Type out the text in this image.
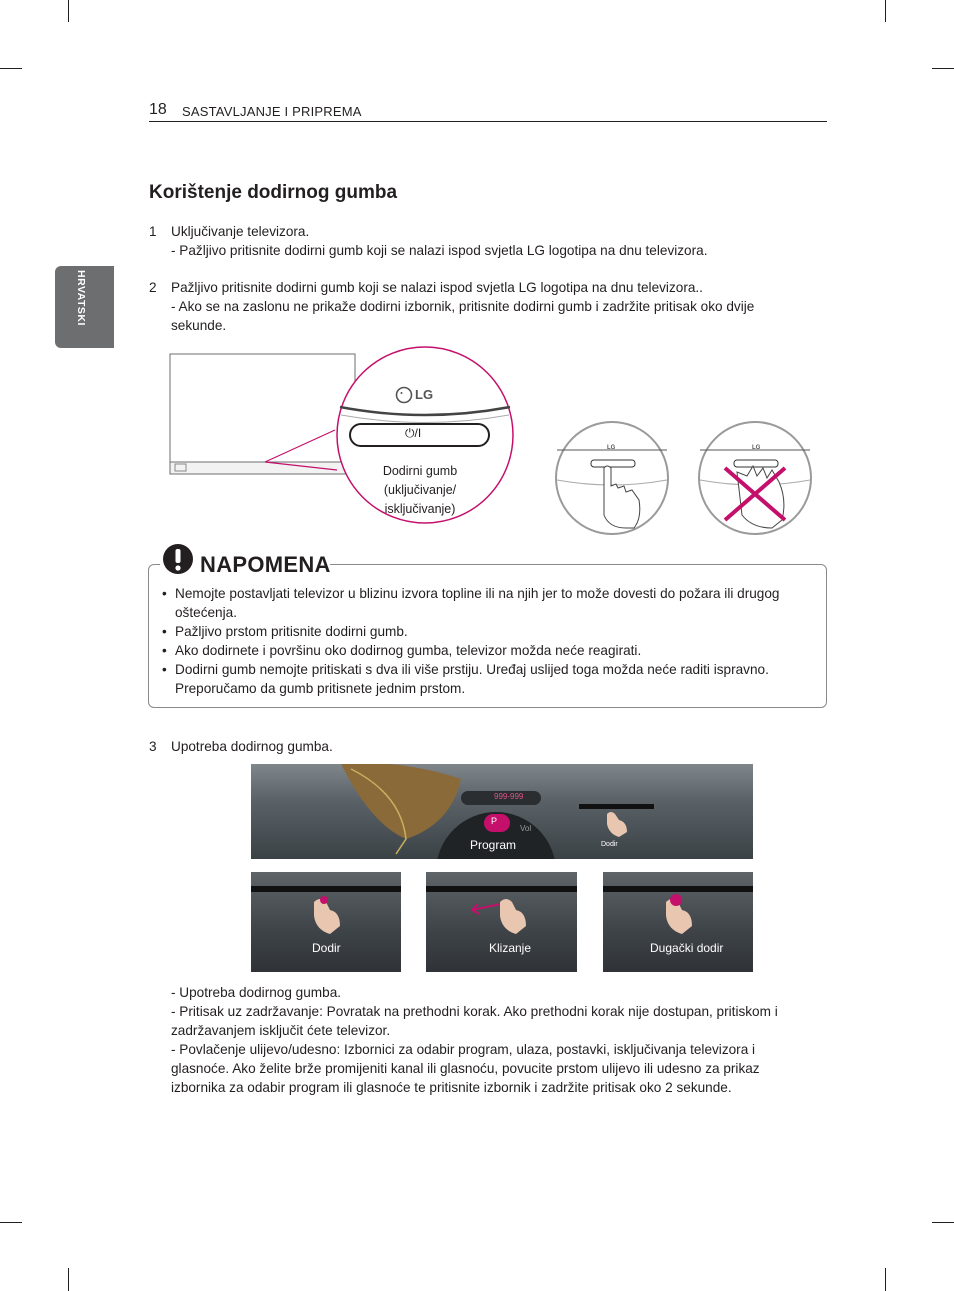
18 SASTAVLJANJE I PRIPREMA
HRVATSKI
Korištenje dodirnog gumba
1 Uključivanje televizora.
- Pažljivo pritisnite dodirni gumb koji se nalazi ispod svjetla LG logotipa na dnu televizora.
2 Pažljivo pritisnite dodirni gumb koji se nalazi ispod svjetla LG logotipa na dnu televizora..
- Ako se na zaslonu ne prikaže dodirni izbornik, pritisnite dodirni gumb i zadržite pritisak oko dvije
sekunde.
LG
⏻/I
Dodirni gumb
(uključivanje/
isključivanje)
LG	LG
NAPOMENA
• Nemojte postavljati televizor u blizinu izvora topline ili na njih jer to može dovesti do požara ili drugog
oštećenja.
• Pažljivo prstom pritisnite dodirni gumb.
• Ako dodirnete i površinu oko dodirnog gumba, televizor možda neće reagirati.
• Dodirni gumb nemojte pritiskati s dva ili više prstiju. Uređaj uslijed toga možda neće raditi ispravno.
Preporučamo da gumb pritisnete jednim prstom.
3 Upotreba dodirnog gumba.
999-999
P
Vol
Program	Dodir
Dodir	Klizanje	Dugački dodir
- Upotreba dodirnog gumba.
- Pritisak uz zadržavanje: Povratak na prethodni korak. Ako prethodni korak nije dostupan, pritiskom i
zadržavanjem isključit ćete televizor.
- Povlačenje ulijevo/udesno: Izbornici za odabir program, ulaza, postavki, isključivanja televizora i
glasnoće. Ako želite brže promijeniti kanal ili glasnoću, povucite prstom ulijevo ili udesno za prikaz
izbornika za odabir program ili glasnoće te pritisnite izbornik i zadržite pritisak oko 2 sekunde.
